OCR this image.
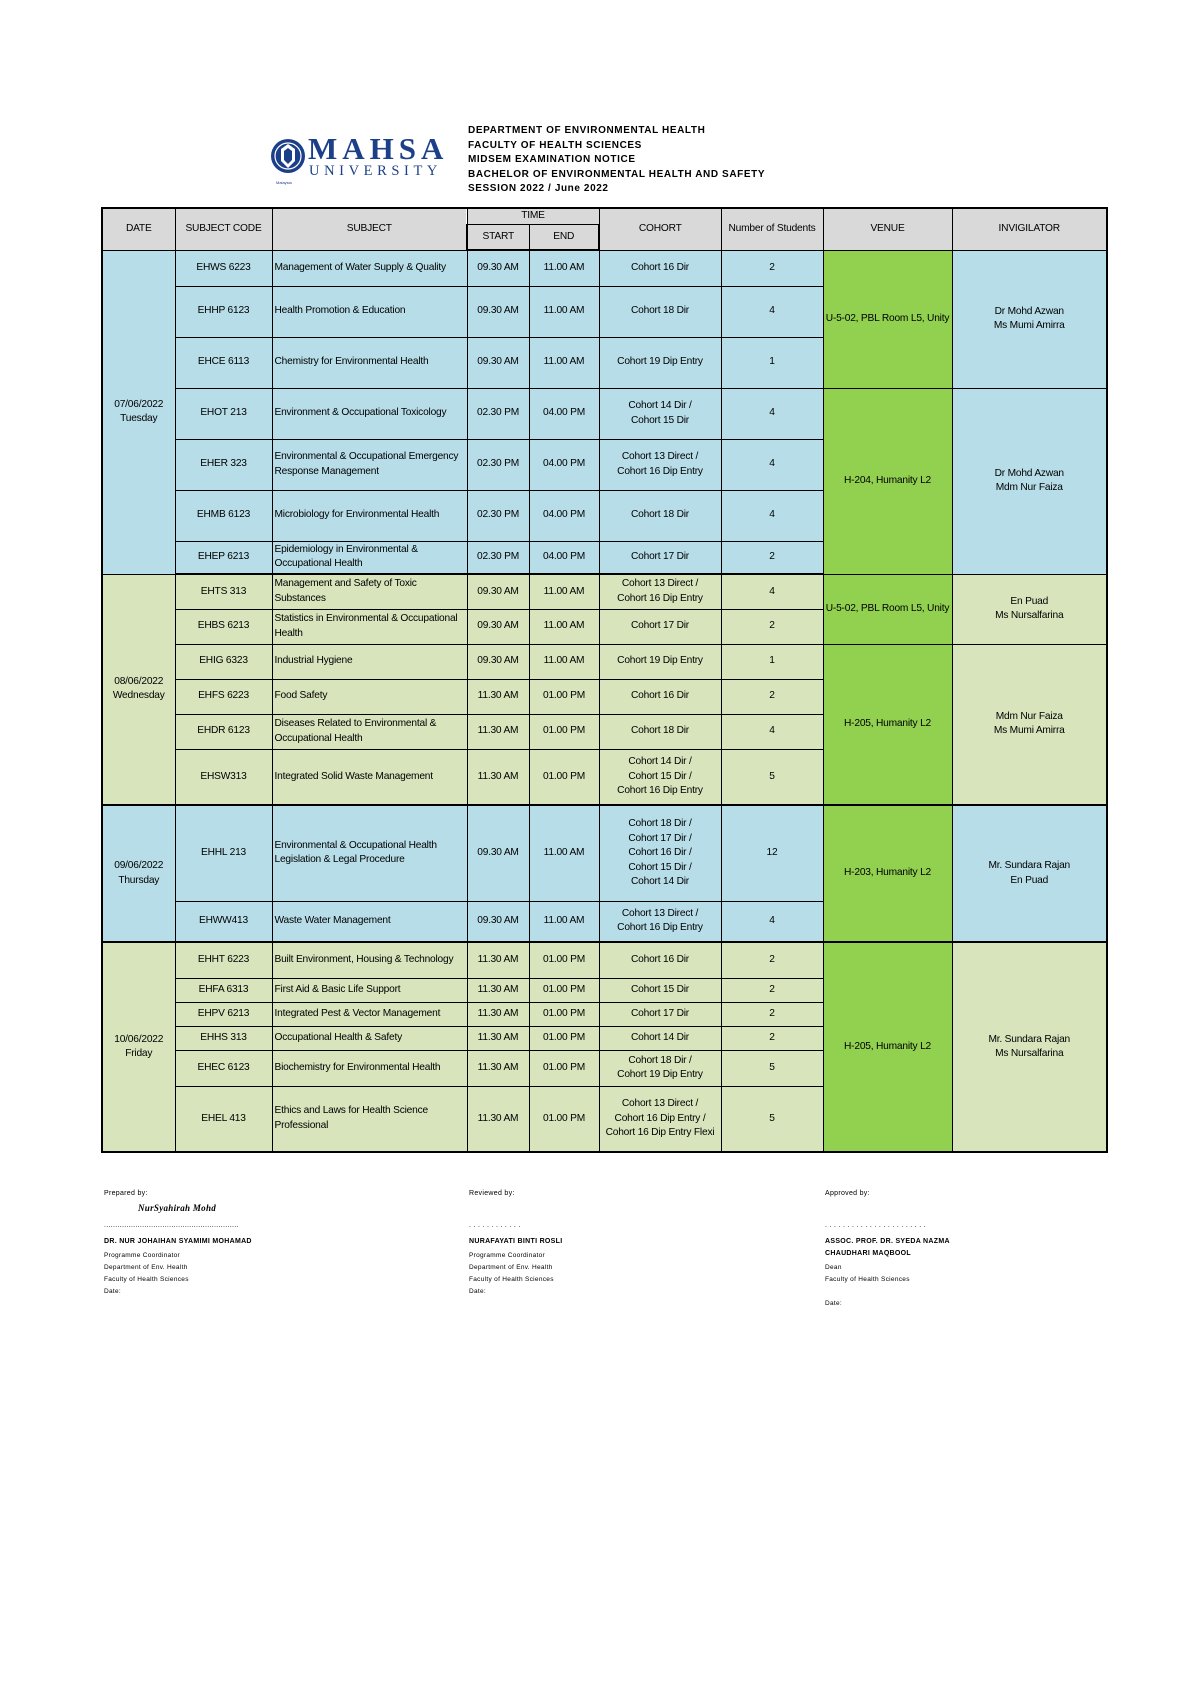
MAHSA
UNIVERSITY
Malaysia
DEPARTMENT OF ENVIRONMENTAL HEALTH
FACULTY OF HEALTH SCIENCES
MIDSEM EXAMINATION NOTICE
BACHELOR OF ENVIRONMENTAL HEALTH AND SAFETY
SESSION 2022 / June 2022
DATE	SUBJECT CODE	SUBJECT	TIME		COHORT	Number of Students	VENUE	INVIGILATOR
			START	END				
07/06/2022
Tuesday	EHWS 6223	Management of Water Supply & Quality	09.30 AM	11.00 AM	Cohort 16 Dir	2	U-5-02, PBL Room L5, Unity	Dr Mohd Azwan
Ms Mumi Amirra
	EHHP 6123	Health Promotion & Education	09.30 AM	11.00 AM	Cohort 18 Dir	4		
	EHCE 6113	Chemistry for Environmental Health	09.30 AM	11.00 AM	Cohort 19 Dip Entry	1		
	EHOT 213	Environment & Occupational Toxicology	02.30 PM	04.00 PM	Cohort 14 Dir /
Cohort 15 Dir	4	H-204, Humanity L2	Dr Mohd Azwan
Mdm Nur Faiza
	EHER 323	Environmental & Occupational Emergency Response Management	02.30 PM	04.00 PM	Cohort 13 Direct /
Cohort 16 Dip Entry	4		
	EHMB 6123	Microbiology for Environmental Health	02.30 PM	04.00 PM	Cohort 18 Dir	4		
	EHEP 6213	Epidemiology in Environmental & Occupational Health	02.30 PM	04.00 PM	Cohort 17 Dir	2		
08/06/2022
Wednesday	EHTS 313	Management and Safety of Toxic Substances	09.30 AM	11.00 AM	Cohort 13 Direct /
Cohort 16 Dip Entry	4	U-5-02, PBL Room L5, Unity	En Puad
Ms Nursalfarina
	EHBS 6213	Statistics in Environmental & Occupational Health	09.30 AM	11.00 AM	Cohort 17 Dir	2		
	EHIG 6323	Industrial Hygiene	09.30 AM	11.00 AM	Cohort 19 Dip Entry	1	H-205, Humanity L2	Mdm Nur Faiza
Ms Mumi Amirra
	EHFS 6223	Food Safety	11.30 AM	01.00 PM	Cohort 16 Dir	2		
	EHDR 6123	Diseases Related to Environmental & Occupational Health	11.30 AM	01.00 PM	Cohort 18 Dir	4		
	EHSW313	Integrated Solid Waste Management	11.30 AM	01.00 PM	Cohort 14 Dir /
Cohort 15 Dir /
Cohort 16 Dip Entry	5		
09/06/2022
Thursday	EHHL 213	Environmental & Occupational Health Legislation & Legal Procedure	09.30 AM	11.00 AM	Cohort 18 Dir /
Cohort 17 Dir /
Cohort 16 Dir /
Cohort 15 Dir /
Cohort 14 Dir	12	H-203, Humanity L2	Mr. Sundara Rajan
En Puad
	EHWW413	Waste Water Management	09.30 AM	11.00 AM	Cohort 13 Direct /
Cohort 16 Dip Entry	4		
10/06/2022
Friday	EHHT 6223	Built Environment, Housing & Technology	11.30 AM	01.00 PM	Cohort 16 Dir	2	H-205, Humanity L2	Mr. Sundara Rajan
Ms Nursalfarina
	EHFA 6313	First Aid & Basic Life Support	11.30 AM	01.00 PM	Cohort 15 Dir	2		
	EHPV 6213	Integrated Pest & Vector Management	11.30 AM	01.00 PM	Cohort 17 Dir	2		
	EHHS 313	Occupational Health & Safety	11.30 AM	01.00 PM	Cohort 14 Dir	2		
	EHEC 6123	Biochemistry for Environmental Health	11.30 AM	01.00 PM	Cohort 18 Dir /
Cohort 19 Dip Entry	5		
	EHEL 413	Ethics and Laws for Health Science Professional	11.30 AM	01.00 PM	Cohort 13 Direct /
Cohort 16 Dip Entry /
Cohort 16 Dip Entry Flexi	5		
Prepared by:
NurSyahirah Mohd
............................................................
DR. NUR JOHAIHAN SYAMIMI MOHAMAD
Programme Coordinator
Department of Env. Health
Faculty of Health Sciences
Date:
Reviewed by:
. . . . . . . . . . . .
NURAFAYATI BINTI ROSLI
Programme Coordinator
Department of Env. Health
Faculty of Health Sciences
Date:
Approved by:
. . . . . . . . . . . . . . . . . . . . . . .
ASSOC. PROF. DR. SYEDA NAZMA
CHAUDHARI MAQBOOL
Dean
Faculty of Health Sciences
Date:
